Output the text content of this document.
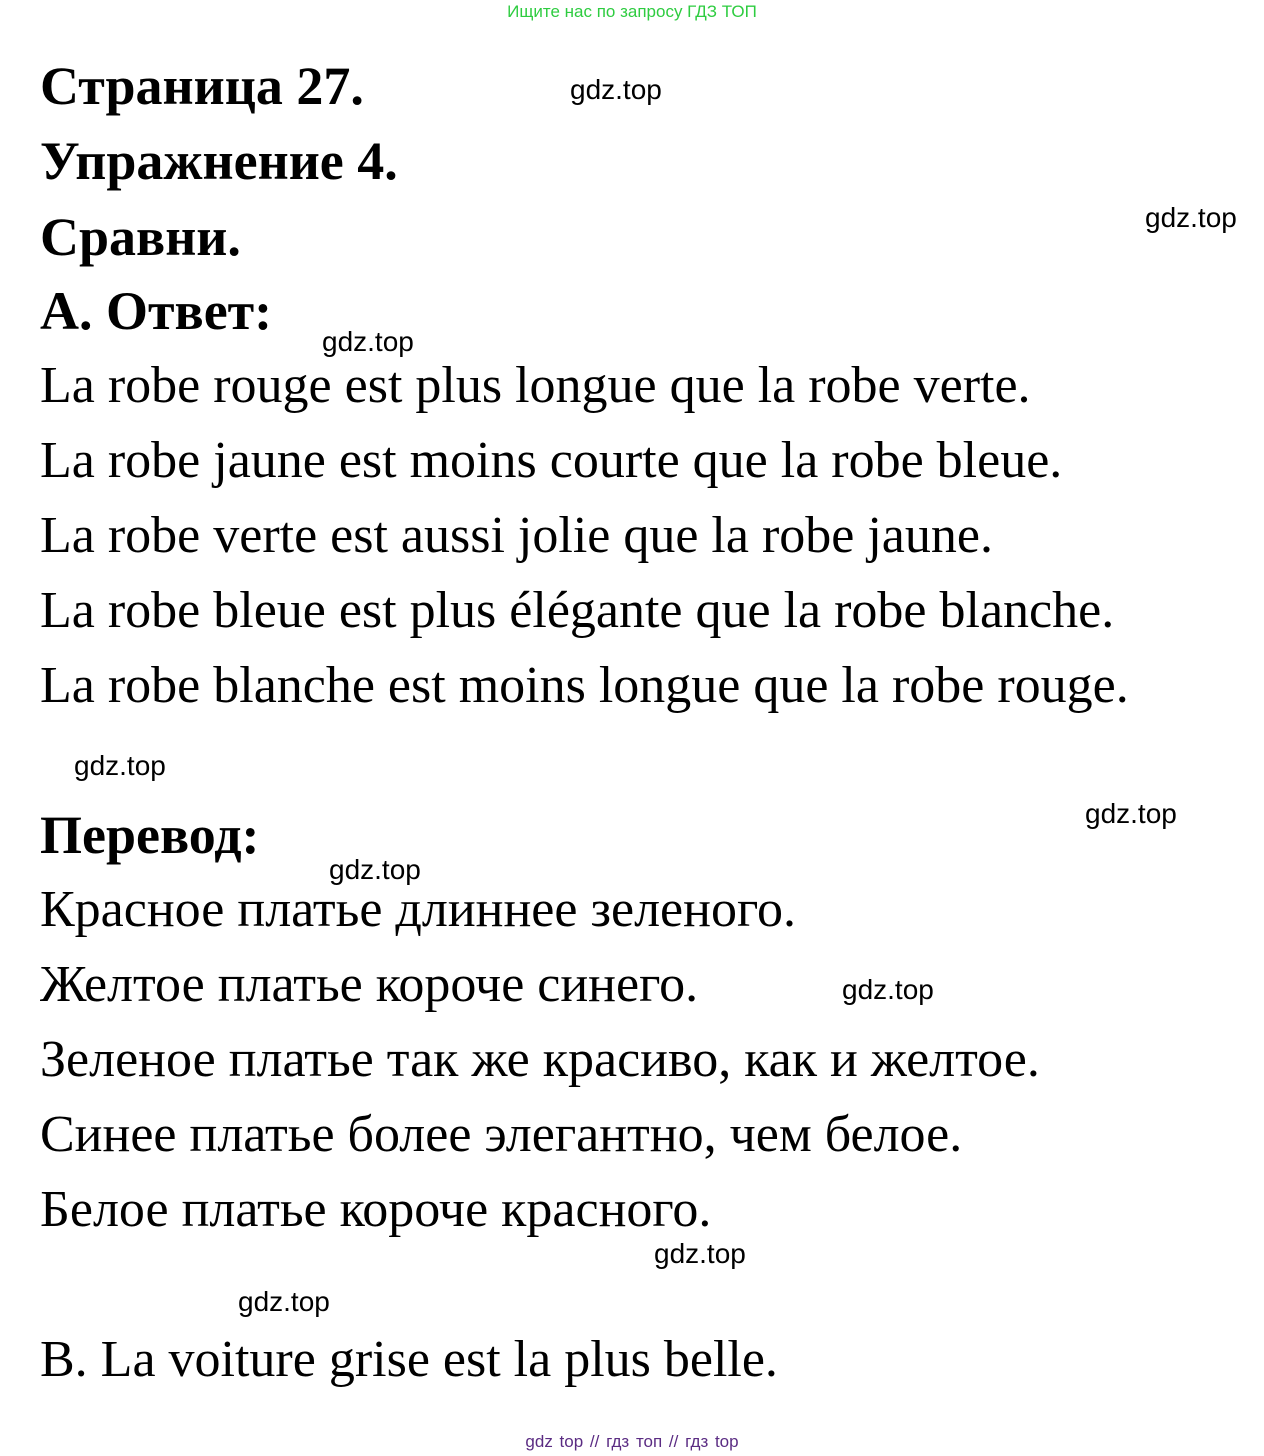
Ищите нас по запросу ГДЗ ТОП
Страница 27.
Упражнение 4.
Сравни.
А. Ответ:
La robe rouge est plus longue que la robe verte.
La robe jaune est moins courte que la robe bleue.
La robe verte est aussi jolie que la robe jaune.
La robe bleue est plus élégante que la robe blanche.
La robe blanche est moins longue que la robe rouge.
Перевод:
Красное платье длиннее зеленого.
Желтое платье короче синего.
Зеленое платье так же красиво, как и желтое.
Синее платье более элегантно, чем белое.
Белое платье короче красного.
B. La voiture grise est la plus belle.
gdz.top
gdz.top
gdz.top
gdz.top
gdz.top
gdz.top
gdz.top
gdz.top
gdz.top
gdz top // гдз топ // гдз top
